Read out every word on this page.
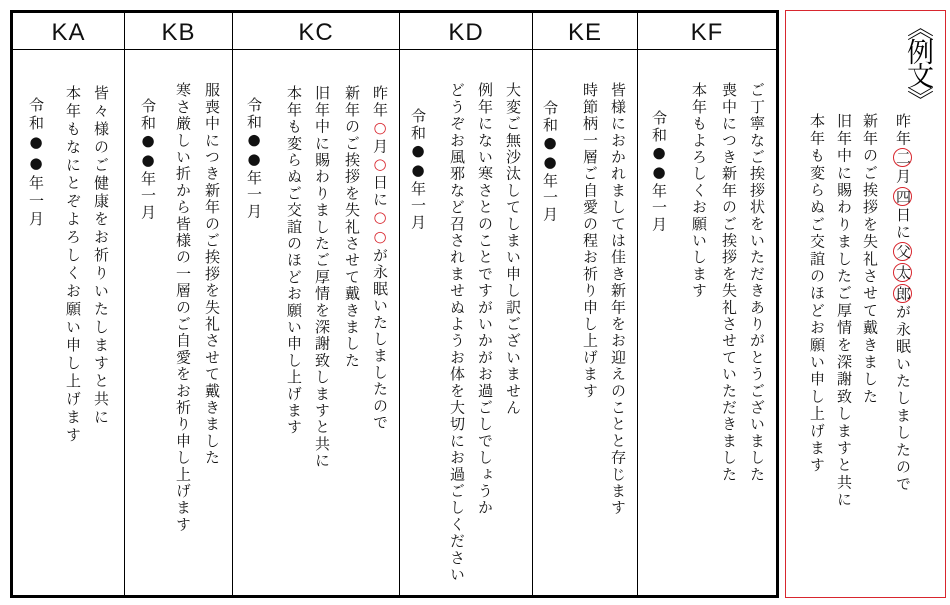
KA
皆々様のご健康をお祈りいたしますと共に
本年もなにとぞよろしくお願い申し上げます
令和●●年一月
KB
服喪中につき新年のご挨拶を失礼させて戴きました
寒さ厳しい折から皆様の一層のご自愛をお祈り申し上げます
令和●●年一月
KC
昨年○月○日に○○が永眠いたしましたので
新年のご挨拶を失礼させて戴きました
旧年中に賜わりましたご厚情を深謝致しますと共に
本年も変らぬご交誼のほどお願い申し上げます
令和●●年一月
KD
大変ご無沙汰してしまい申し訳ございません
例年にない寒さとのことですがいかがお過ごしでしょうか
どうぞお風邪など召されませぬようお体を大切にお過ごしください
令和●●年一月
KE
皆様におかれましては佳き新年をお迎えのことと存じます
時節柄一層ご自愛の程お祈り申し上げます
令和●●年一月
KF
ご丁寧なご挨拶状をいただきありがとうございました
喪中につき新年のご挨拶を失礼させていただきました
本年もよろしくお願いします
令和●●年一月
《例文》
昨年二月四日に父太郎が永眠いたしましたので
新年のご挨拶を失礼させて戴きました
旧年中に賜わりましたご厚情を深謝致しますと共に
本年も変らぬご交誼のほどお願い申し上げます
